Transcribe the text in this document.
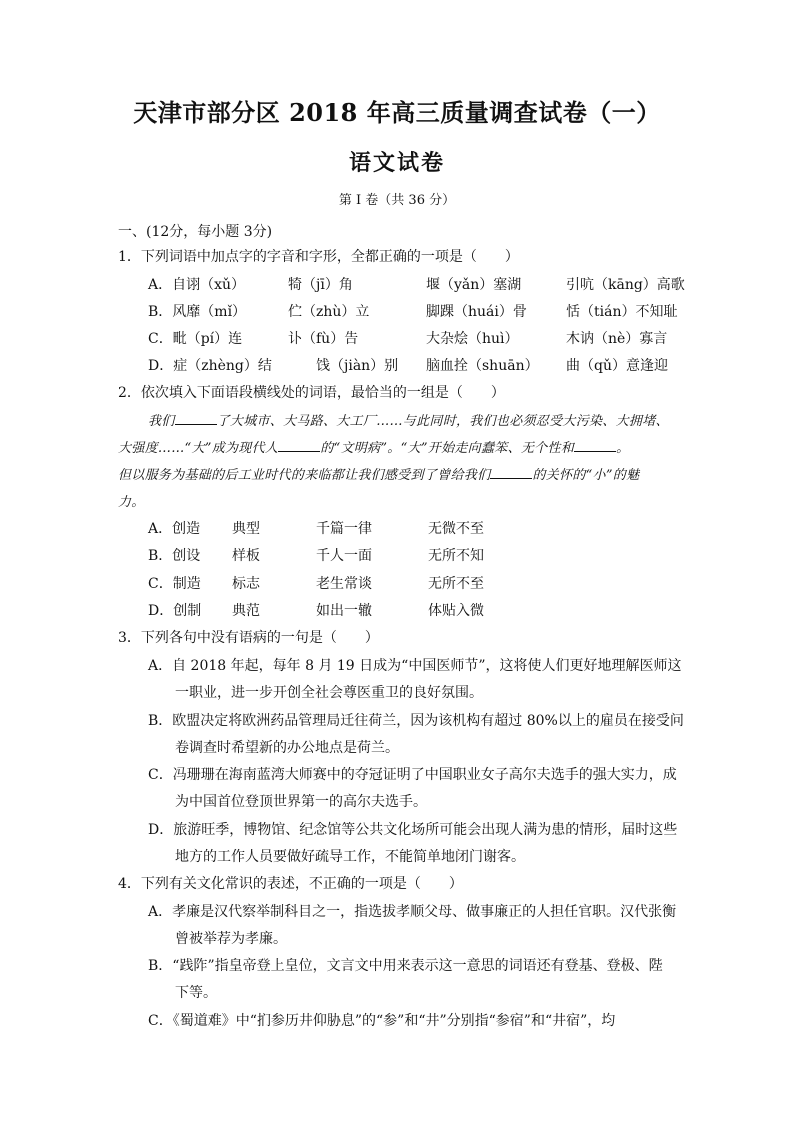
天津市部分区 2018 年高三质量调查试卷（一）
语文试卷
第 I 卷（共 36 分）
一、(12分，每小题 3分)
1．下列词语中加点字的字音和字形，全都正确的一项是（　　）
A．自诩（xǔ）	犄（jī）角	堰（yǎn）塞湖	引吭（kāng）高歌
B．风靡（mǐ）	伫（zhù）立	脚踝（huái）骨	恬（tián）不知耻
C．毗（pí）连	讣（fù）告	大杂烩（huì）	木讷（nè）寡言
D．症（zhèng）结	饯（jiàn）别 脑血拴（shuān） 曲（qǔ）意逢迎
2．依次填入下面语段横线处的词语，最恰当的一组是（　　）
我们	了大城市、大马路、大工厂……与此同时，我们也必须忍受大污染、大拥堵、
大强度……“大”成为现代人	的“文明病”。“大”开始走向蠢笨、无个性和	。
但以服务为基础的后工业时代的来临都让我们感受到了曾给我们	的关怀的“小”的魅
力。
A．创造 典型	千篇一律	无微不至
B．创设 样板	千人一面	无所不知
C．制造 标志	老生常谈	无所不至
D．创制 典范	如出一辙	体贴入微
3．下列各句中没有语病的一句是（　　）
A．自 2018 年起，每年 8 月 19 日成为“中国医师节”，这将使人们更好地理解医师这
一职业，进一步开创全社会尊医重卫的良好氛围。
B．欧盟决定将欧洲药品管理局迁往荷兰，因为该机构有超过 80%以上的雇员在接受问
卷调查时希望新的办公地点是荷兰。
C．冯珊珊在海南蓝湾大师赛中的夺冠证明了中国职业女子高尔夫选手的强大实力，成
为中国首位登顶世界第一的高尔夫选手。
D．旅游旺季，博物馆、纪念馆等公共文化场所可能会出现人满为患的情形，届时这些
地方的工作人员要做好疏导工作，不能简单地闭门谢客。
4．下列有关文化常识的表述，不正确的一项是（　　）
A．孝廉是汉代察举制科目之一，指选拔孝顺父母、做事廉正的人担任官职。汉代张衡
曾被举荐为孝廉。
B．“践阼”指皇帝登上皇位，文言文中用来表示这一意思的词语还有登基、登极、陛
下等。
C．《蜀道难》中“扪参历井仰胁息”的“参”和“井”分别指“参宿”和“井宿”，均
